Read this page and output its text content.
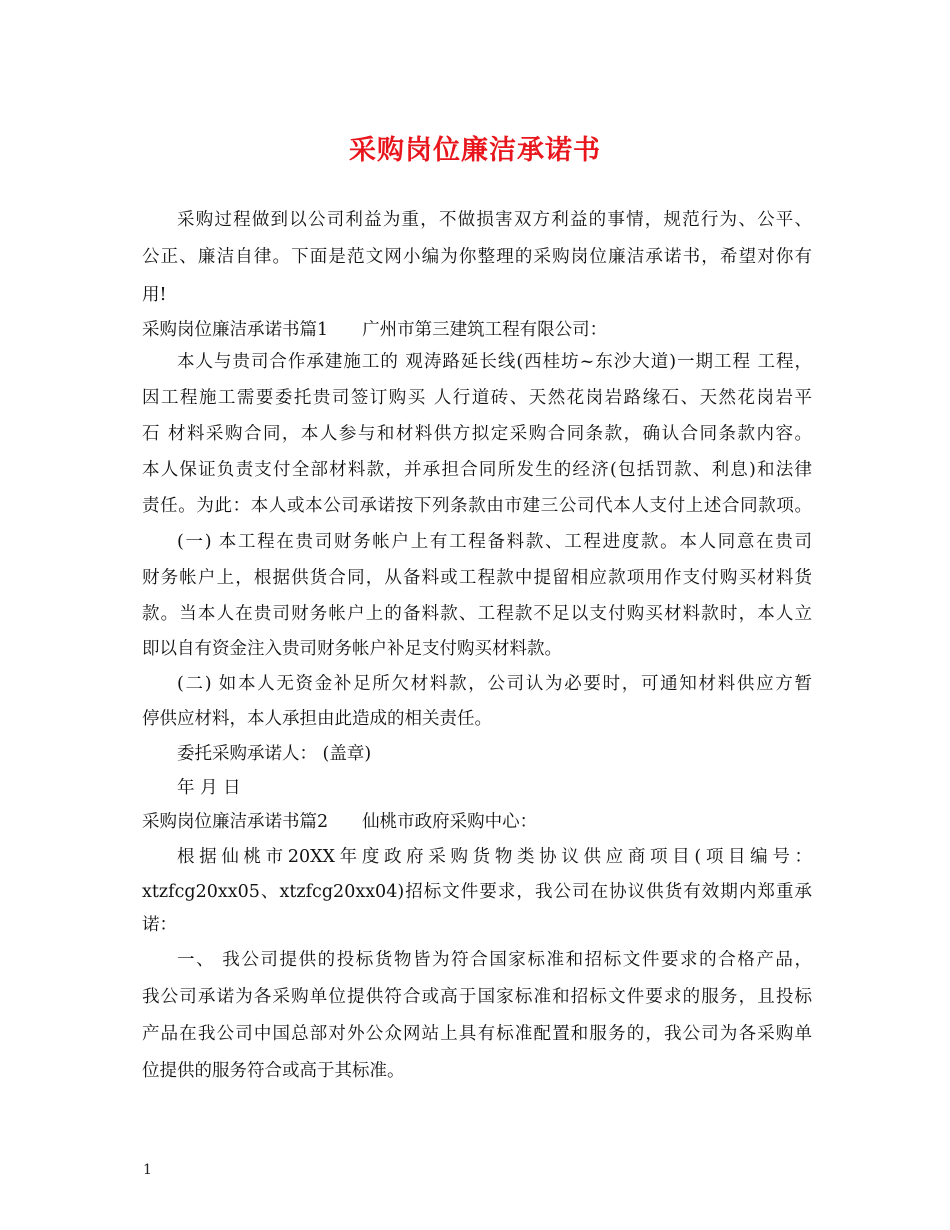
采购岗位廉洁承诺书
采购过程做到以公司利益为重，不做损害双方利益的事情，规范行为、公平、
公正、廉洁自律。下面是范文网小编为你整理的采购岗位廉洁承诺书，希望对你有
用!
采购岗位廉洁承诺书篇1 广州市第三建筑工程有限公司：
本人与贵司合作承建施工的 观涛路延长线(西桂坊~东沙大道)一期工程 工程，
因工程施工需要委托贵司签订购买 人行道砖、天然花岗岩路缘石、天然花岗岩平
石 材料采购合同，本人参与和材料供方拟定采购合同条款，确认合同条款内容。
本人保证负责支付全部材料款，并承担合同所发生的经济(包括罚款、利息)和法律
责任。为此：本人或本公司承诺按下列条款由市建三公司代本人支付上述合同款项。
(一) 本工程在贵司财务帐户上有工程备料款、工程进度款。本人同意在贵司
财务帐户上，根据供货合同，从备料或工程款中提留相应款项用作支付购买材料货
款。当本人在贵司财务帐户上的备料款、工程款不足以支付购买材料款时，本人立
即以自有资金注入贵司财务帐户补足支付购买材料款。
(二) 如本人无资金补足所欠材料款，公司认为必要时，可通知材料供应方暂
停供应材料，本人承担由此造成的相关责任。
委托采购承诺人： (盖章)
年 月 日
采购岗位廉洁承诺书篇2 仙桃市政府采购中心：
根据仙桃市20XX年度政府采购货物类协议供应商项目(项目编号：
xtzfcg20xx05、xtzfcg20xx04)招标文件要求，我公司在协议供货有效期内郑重承
诺：
一、 我公司提供的投标货物皆为符合国家标准和招标文件要求的合格产品，
我公司承诺为各采购单位提供符合或高于国家标准和招标文件要求的服务，且投标
产品在我公司中国总部对外公众网站上具有标准配置和服务的，我公司为各采购单
位提供的服务符合或高于其标准。
1
